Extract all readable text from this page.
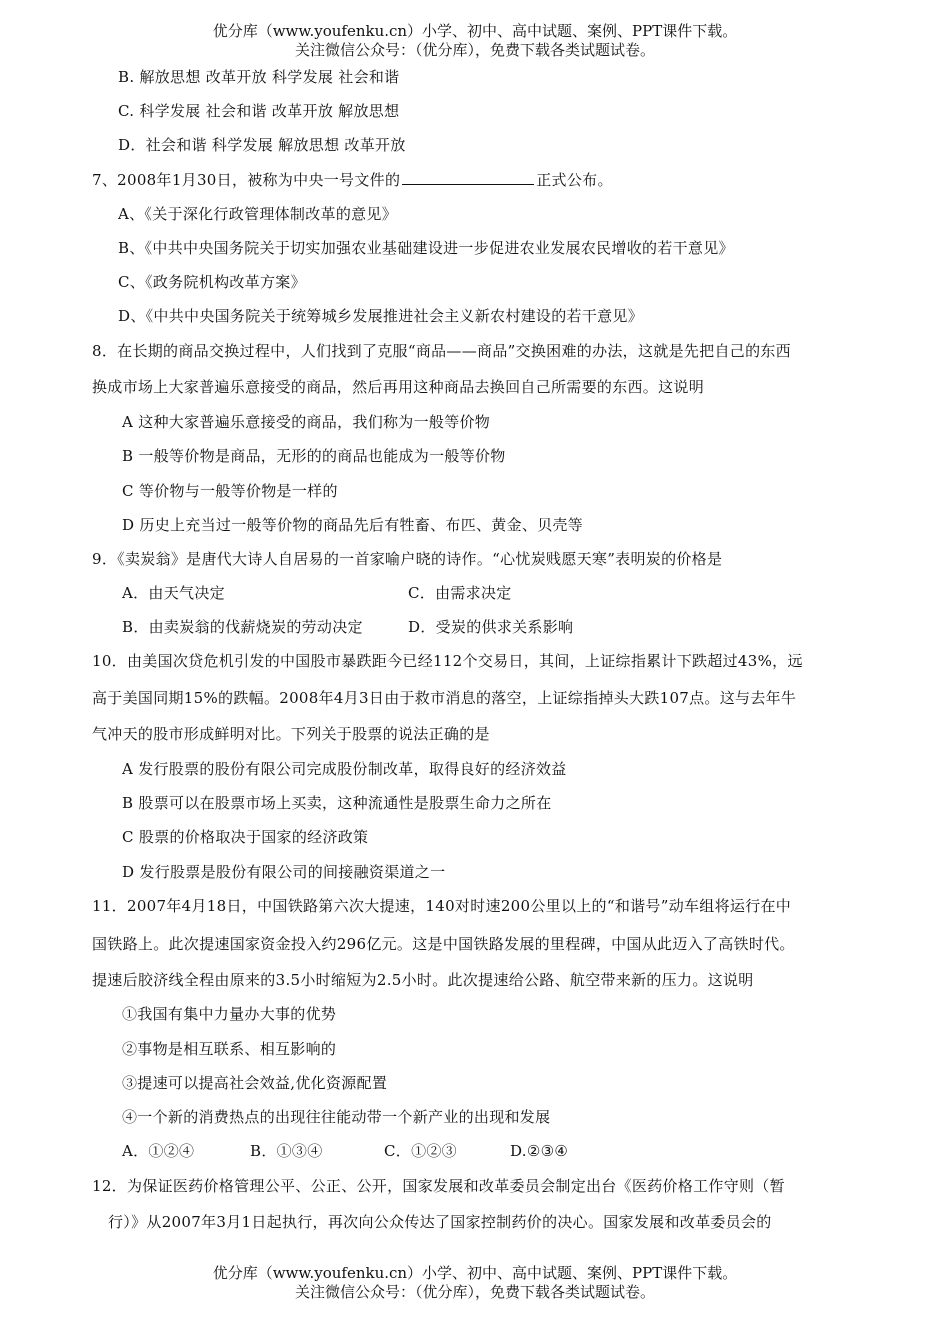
优分库（www.youfenku.cn）小学、初中、高中试题、案例、PPT课件下载。
关注微信公众号：（优分库），免费下载各类试题试卷。
B. 解放思想 改革开放 科学发展 社会和谐
C. 科学发展 社会和谐 改革开放 解放思想
D．社会和谐 科学发展 解放思想 改革开放
7、2008年1月30日，被称为中央一号文件的	正式公布。
A、《关于深化行政管理体制改革的意见》
B、《中共中央国务院关于切实加强农业基础建设进一步促进农业发展农民增收的若干意见》
C、《政务院机构改革方案》
D、《中共中央国务院关于统筹城乡发展推进社会主义新农村建设的若干意见》
8．在长期的商品交换过程中，人们找到了克服“商品——商品”交换困难的办法，这就是先把自己的东西
换成市场上大家普遍乐意接受的商品，然后再用这种商品去换回自己所需要的东西。这说明
A 这种大家普遍乐意接受的商品，我们称为一般等价物
B 一般等价物是商品，无形的的商品也能成为一般等价物
C 等价物与一般等价物是一样的
D 历史上充当过一般等价物的商品先后有牲畜、布匹、黄金、贝壳等
9．《卖炭翁》是唐代大诗人自居易的一首家喻户晓的诗作。“心忧炭贱愿天寒”表明炭的价格是
A．由天气决定	C．由需求决定
B．由卖炭翁的伐薪烧炭的劳动决定	D．受炭的供求关系影响
10．由美国次贷危机引发的中国股市暴跌距今已经112个交易日，其间，上证综指累计下跌超过43%，远
高于美国同期15%的跌幅。2008年4月3日由于救市消息的落空，上证综指掉头大跌107点。这与去年牛
气冲天的股市形成鲜明对比。下列关于股票的说法正确的是
A 发行股票的股份有限公司完成股份制改革，取得良好的经济效益
B 股票可以在股票市场上买卖，这种流通性是股票生命力之所在
C 股票的价格取决于国家的经济政策
D 发行股票是股份有限公司的间接融资渠道之一
11．2007年4月18日，中国铁路第六次大提速，140对时速200公里以上的“和谐号”动车组将运行在中
国铁路上。此次提速国家资金投入约296亿元。这是中国铁路发展的里程碑，中国从此迈入了高铁时代。
提速后胶济线全程由原来的3.5小时缩短为2.5小时。此次提速给公路、航空带来新的压力。这说明
①我国有集中力量办大事的优势
②事物是相互联系、相互影响的
③提速可以提高社会效益,优化资源配置
④一个新的消费热点的出现往往能动带一个新产业的出现和发展
A．①②④	B．①③④	C．①②③	D.②③④
12．为保证医药价格管理公平、公正、公开，国家发展和改革委员会制定出台《医药价格工作守则（暂
行）》从2007年3月1日起执行，再次向公众传达了国家控制药价的决心。国家发展和改革委员会的
优分库（www.youfenku.cn）小学、初中、高中试题、案例、PPT课件下载。
关注微信公众号：（优分库），免费下载各类试题试卷。
